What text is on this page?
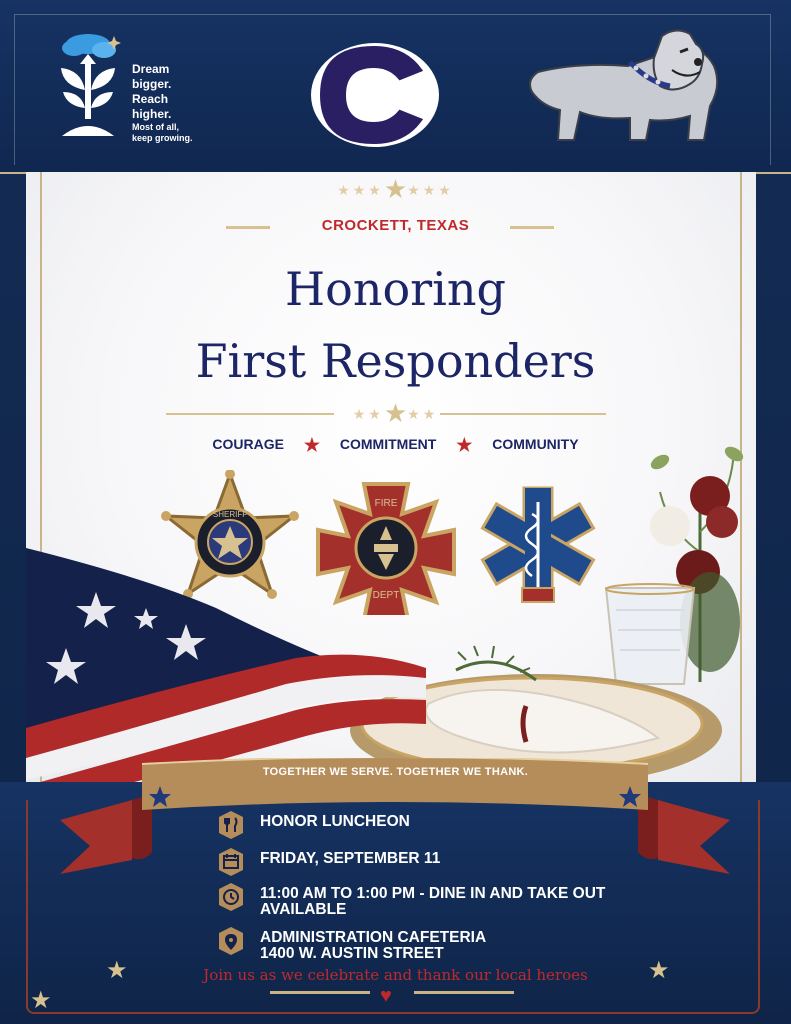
Dream
bigger.
Reach
higher.
Most of all,
keep growing.
★★★★★★★
CROCKETT, TEXAS
Honoring
First Responders
★★★★★
COURAGE ★ COMMITMENT ★ COMMUNITY
SHERIFF
FIRE
DEPT
TOGETHER WE SERVE. TOGETHER WE THANK.
HONOR LUNCHEON
FRIDAY, SEPTEMBER 11
11:00 AM TO 1:00 PM - DINE IN AND TAKE OUT
AVAILABLE
ADMINISTRATION CAFETERIA
1400 W. AUSTIN STREET
Join us as we celebrate and thank our local heroes
★	★
★	♥
